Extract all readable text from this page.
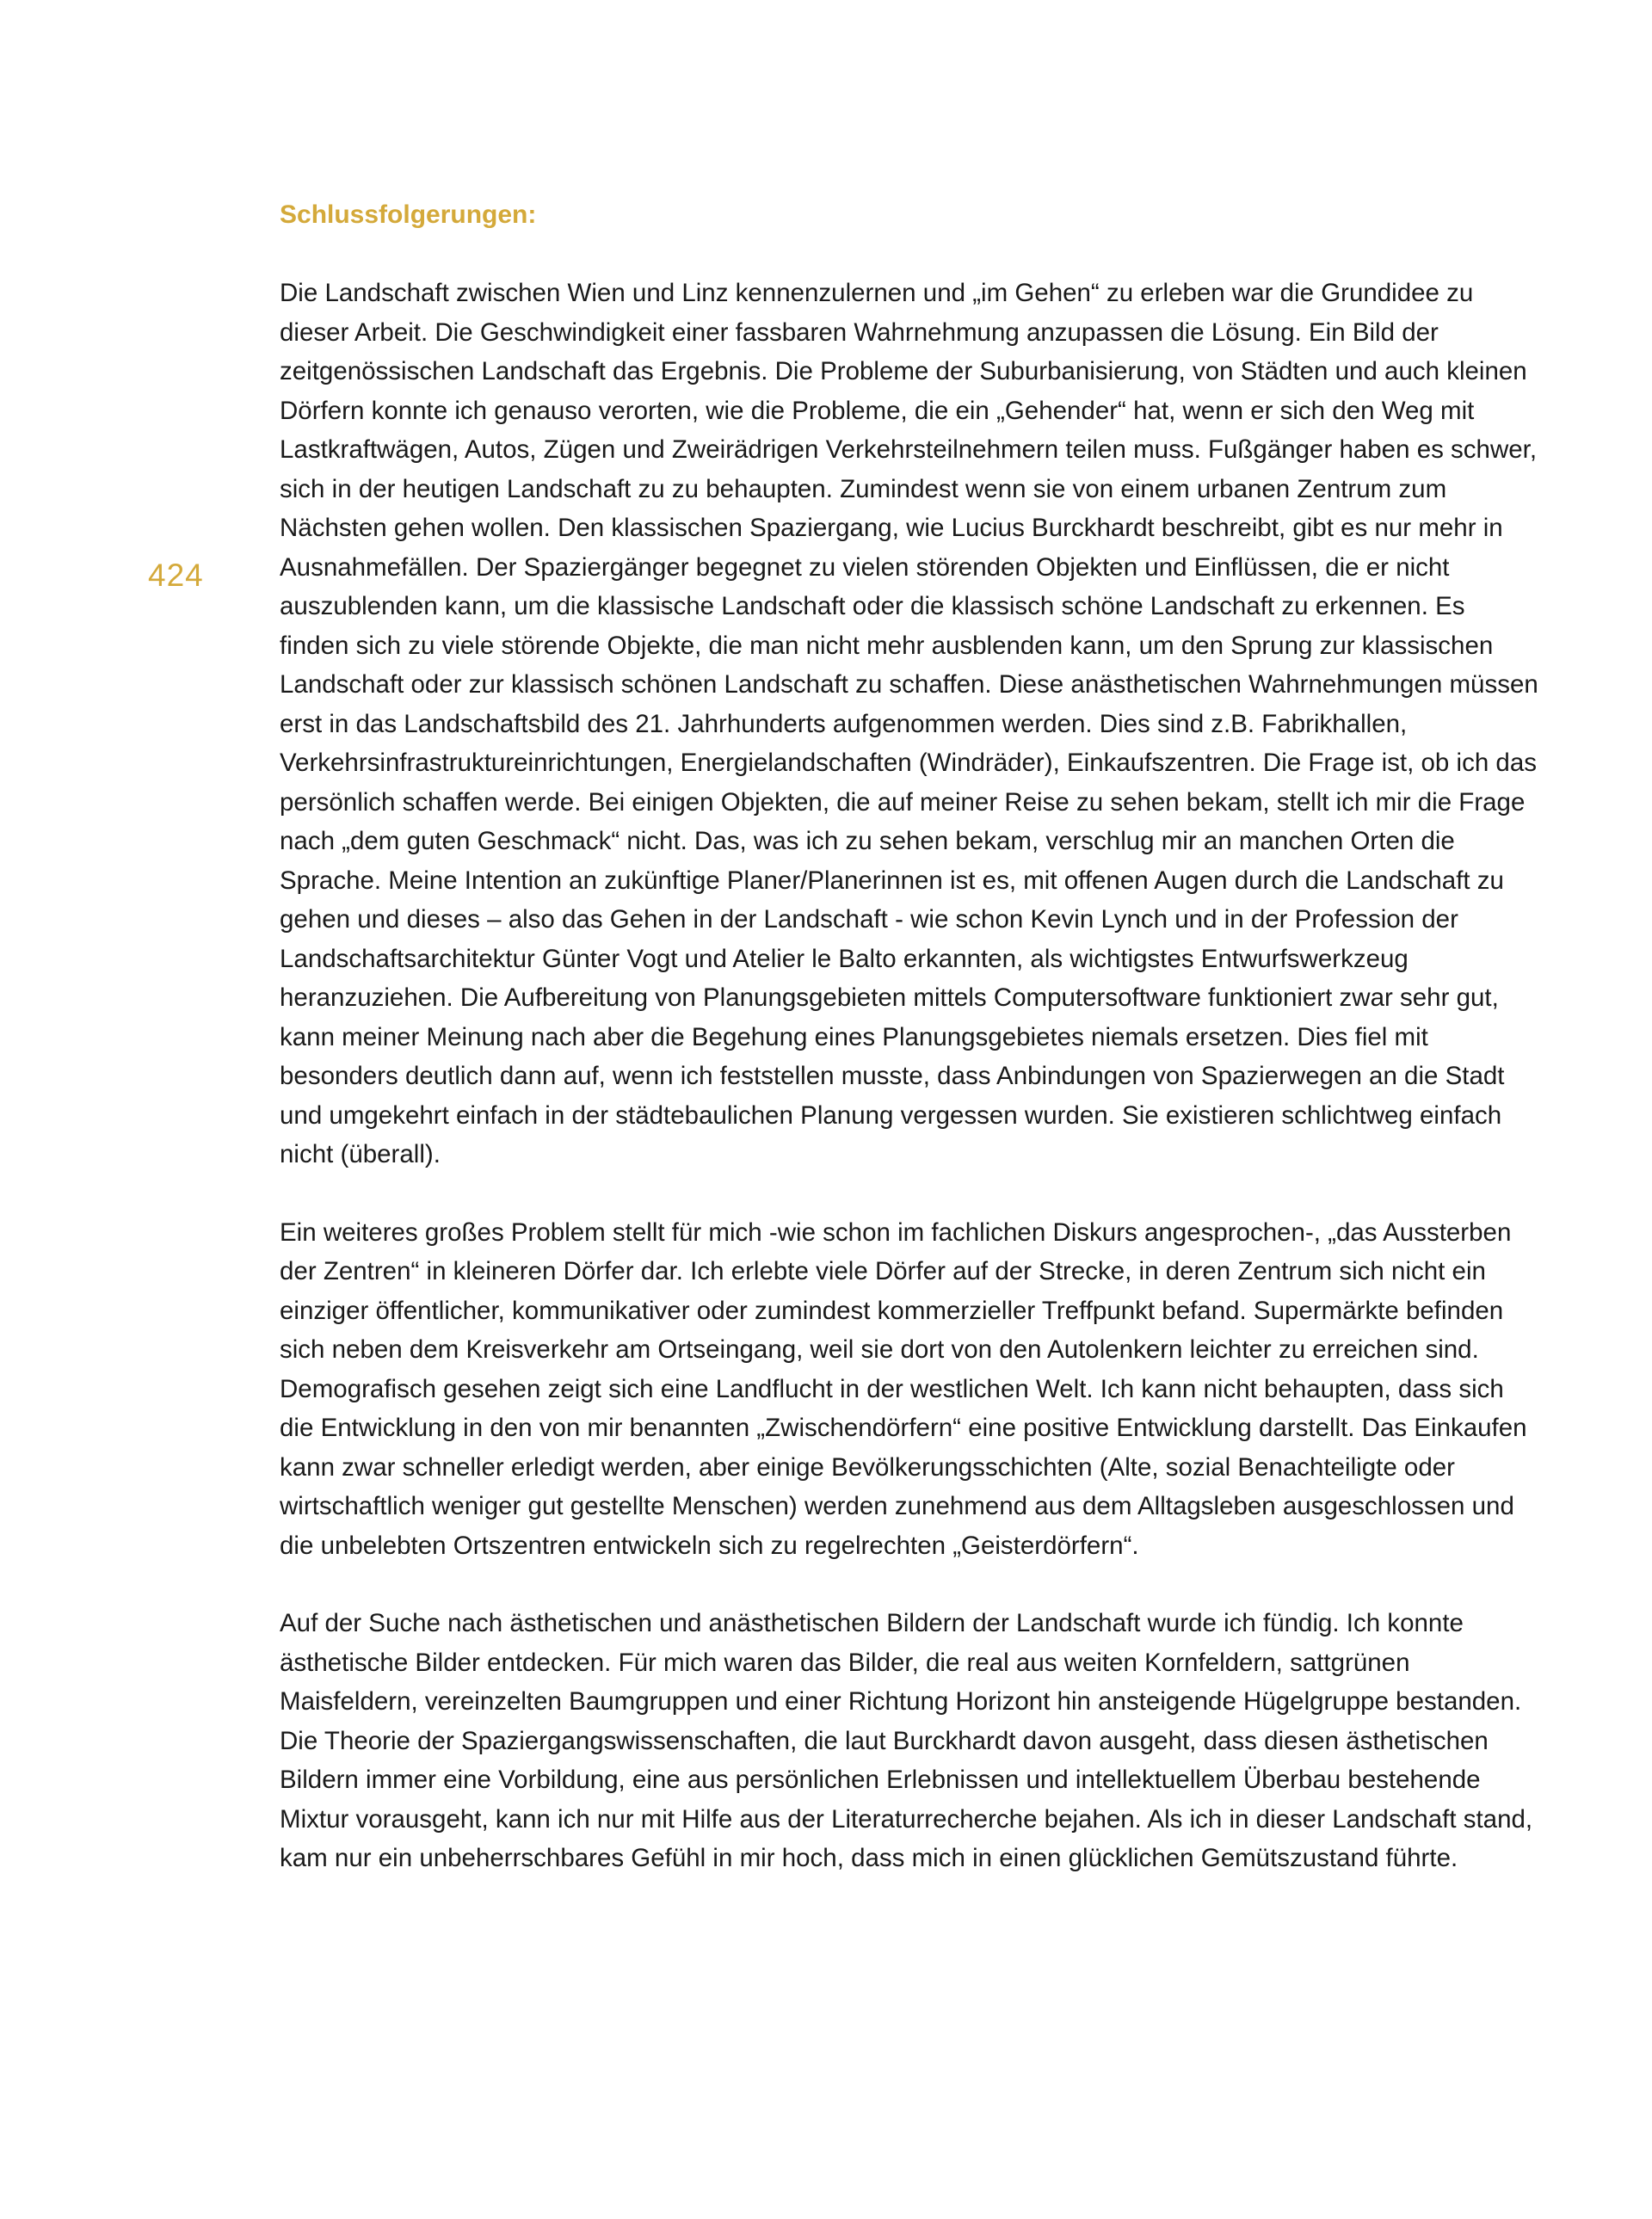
424
Schlussfolgerungen:

Die Landschaft zwischen Wien und Linz kennenzulernen und „im Gehen“ zu erleben war die Grundidee zu dieser Arbeit. Die Geschwindigkeit einer fassbaren Wahrnehmung anzupassen die Lösung. Ein Bild der zeitgenössischen Landschaft das Ergebnis. Die Probleme der Suburbanisierung, von Städten und auch kleinen Dörfern konnte ich genauso verorten, wie die Probleme, die ein „Gehender“ hat, wenn er sich den Weg mit Lastkraftwägen, Autos, Zügen und Zweirädrigen Verkehrsteilnehmern teilen muss. Fußgänger haben es schwer, sich in der heutigen Landschaft zu zu behaupten. Zumindest wenn sie von einem urbanen Zentrum zum Nächsten gehen wollen. Den klassischen Spaziergang, wie Lucius Burckhardt beschreibt, gibt es nur mehr in Ausnahmefällen. Der Spaziergänger begegnet zu vielen störenden Objekten und Einflüssen, die er nicht auszublenden kann, um die klassische Landschaft oder die klassisch schöne Landschaft zu erkennen. Es finden sich zu viele störende Objekte, die man nicht mehr ausblenden kann, um den Sprung zur klassischen Landschaft oder zur klassisch schönen Landschaft zu schaffen. Diese anästhetischen Wahrnehmungen müssen erst in das Landschaftsbild des 21. Jahrhunderts aufgenommen werden. Dies sind z.B. Fabrikhallen, Verkehrsinfrastruktureinrichtungen, Energielandschaften (Windräder), Einkaufszentren. Die Frage ist, ob ich das persönlich schaffen werde. Bei einigen Objekten, die auf meiner Reise zu sehen bekam, stellt ich mir die Frage nach „dem guten Geschmack“ nicht. Das, was ich zu sehen bekam, verschlug mir an manchen Orten die Sprache. Meine Intention an zukünftige Planer/Planerinnen ist es, mit offenen Augen durch die Landschaft zu gehen und dieses – also das Gehen in der Landschaft - wie schon Kevin Lynch und in der Profession der Landschaftsarchitektur Günter Vogt und Atelier le Balto erkannten, als wichtigstes Entwurfswerkzeug heranzuziehen. Die Aufbereitung von Planungsgebieten mittels Computersoftware funktioniert zwar sehr gut, kann meiner Meinung nach aber die Begehung eines Planungsgebietes niemals ersetzen. Dies fiel mit besonders deutlich dann auf, wenn ich feststellen musste, dass Anbindungen von Spazierwegen an die Stadt und umgekehrt einfach in der städtebaulichen Planung vergessen wurden. Sie existieren schlichtweg einfach nicht (überall).

Ein weiteres großes Problem stellt für mich -wie schon im fachlichen Diskurs angesprochen-, „das Aussterben der Zentren“ in kleineren Dörfer dar. Ich erlebte viele Dörfer auf der Strecke, in deren Zentrum sich nicht ein einziger öffentlicher, kommunikativer oder zumindest kommerzieller Treffpunkt befand. Supermärkte befinden sich neben dem Kreisverkehr am Ortseingang, weil sie dort von den Autolenkern leichter zu erreichen sind. Demografisch gesehen zeigt sich eine Landflucht in der westlichen Welt. Ich kann nicht behaupten, dass sich die Entwicklung in den von mir benannten „Zwischendörfern“ eine positive Entwicklung darstellt. Das Einkaufen kann zwar schneller erledigt werden, aber einige Bevölkerungsschichten (Alte, sozial Benachteiligte oder wirtschaftlich weniger gut gestellte Menschen) werden zunehmend aus dem Alltagsleben ausgeschlossen und die unbelebten Ortszentren entwickeln sich zu regelrechten „Geisterdörfern“.

Auf der Suche nach ästhetischen und anästhetischen Bildern der Landschaft wurde ich fündig. Ich konnte ästhetische Bilder entdecken. Für mich waren das Bilder, die real aus weiten Kornfeldern, sattgrünen Maisfeldern, vereinzelten Baumgruppen und einer Richtung Horizont hin ansteigende Hügelgruppe bestanden. Die Theorie der Spaziergangswissenschaften, die laut Burckhardt davon ausgeht, dass diesen ästhetischen Bildern immer eine Vorbildung, eine aus persönlichen Erlebnissen und intellektuellem Überbau bestehende Mixtur vorausgeht, kann ich nur mit Hilfe aus der Literaturrecherche bejahen. Als ich in dieser Landschaft stand, kam nur ein unbeherrschbares Gefühl in mir hoch, dass mich in einen glücklichen Gemütszustand führte.
